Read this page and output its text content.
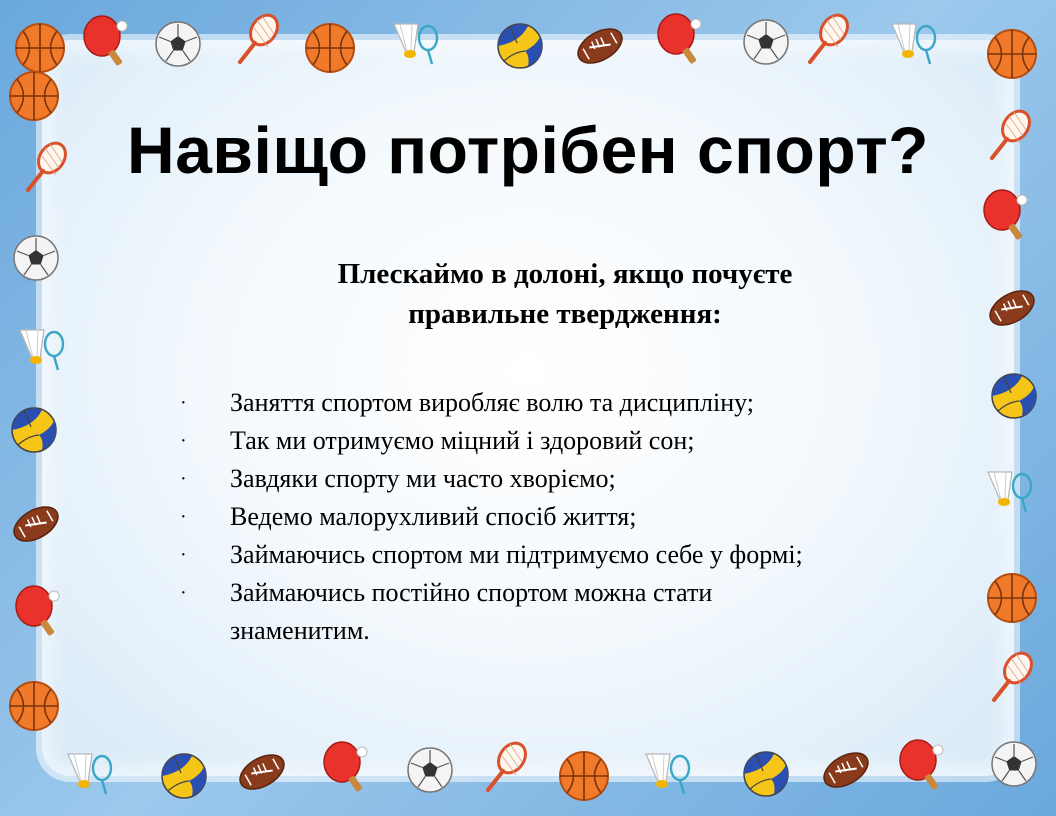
Навіщо потрібен спорт?
Плескаймо в долоні, якщо почуєте
правильне твердження:
· Заняття спортом виробляє волю та дисципліну;
· Так ми отримуємо міцний і здоровий сон;
· Завдяки спорту ми часто хворіємо;
· Ведемо малорухливий спосіб життя;
· Займаючись спортом ми підтримуємо себе у формі;
· Займаючись постійно спортом можна стати
знаменитим.
